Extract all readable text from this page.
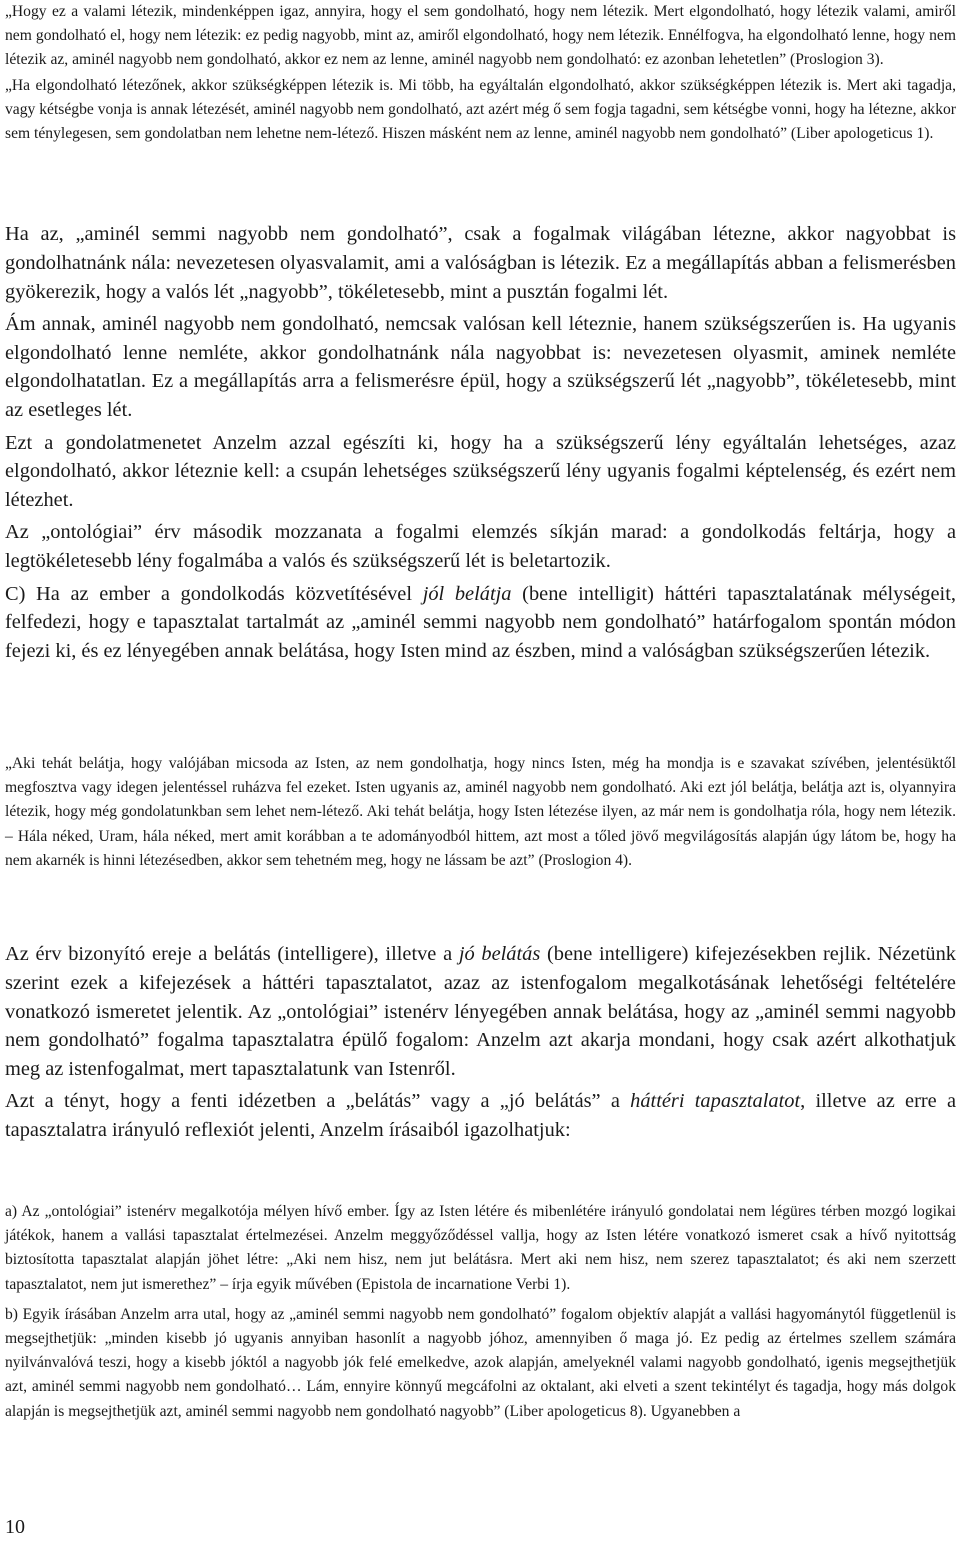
„Hogy ez a valami létezik, mindenképpen igaz, annyira, hogy el sem gondolható, hogy nem létezik. Mert elgondolható, hogy létezik valami, amiről nem gondolható el, hogy nem létezik: ez pedig nagyobb, mint az, amiről elgondolható, hogy nem létezik. Ennélfogva, ha elgondolható lenne, hogy nem létezik az, aminél nagyobb nem gondolható, akkor ez nem az lenne, aminél nagyobb nem gondolható: ez azonban lehetetlen” (Proslogion 3).

„Ha elgondolható létezőnek, akkor szükségképpen létezik is. Mi több, ha egyáltalán elgondolható, akkor szükségképpen létezik is. Mert aki tagadja, vagy kétségbe vonja is annak létezését, aminél nagyobb nem gondolható, azt azért még ő sem fogja tagadni, sem kétségbe vonni, hogy ha létezne, akkor sem ténylegesen, sem gondolatban nem lehetne nem-létező. Hiszen másként nem az lenne, aminél nagyobb nem gondolható” (Liber apologeticus 1).

Ha az, „aminél semmi nagyobb nem gondolható”, csak a fogalmak világában létezne, akkor nagyobbat is gondolhatnánk nála: nevezetesen olyasvalamit, ami a valóságban is létezik. Ez a megállapítás abban a felismerésben gyökerezik, hogy a valós lét „nagyobb”, tökéletesebb, mint a pusztán fogalmi lét.

Ám annak, aminél nagyobb nem gondolható, nemcsak valósan kell léteznie, hanem szükségszerűen is. Ha ugyanis elgondolható lenne nemléte, akkor gondolhatnánk nála nagyobbat is: nevezetesen olyasmit, aminek nemléte elgondolhatatlan. Ez a megállapítás arra a felismerésre épül, hogy a szükségszerű lét „nagyobb”, tökéletesebb, mint az esetleges lét.

Ezt a gondolatmenetet Anzelm azzal egészíti ki, hogy ha a szükségszerű lény egyáltalán lehetséges, azaz elgondolható, akkor léteznie kell: a csupán lehetséges szükségszerű lény ugyanis fogalmi képtelenség, és ezért nem létezhet.

Az „ontológiai” érv második mozzanata a fogalmi elemzés síkján marad: a gondolkodás feltárja, hogy a legtökéletesebb lény fogalmába a valós és szükségszerű lét is beletartozik.

C) Ha az ember a gondolkodás közvetítésével jól belátja (bene intelligit) háttéri tapasztalatának mélységeit, felfedezi, hogy e tapasztalat tartalmát az „aminél semmi nagyobb nem gondolható” határfogalom spontán módon fejezi ki, és ez lényegében annak belátása, hogy Isten mind az észben, mind a valóságban szükségszerűen létezik.

„Aki tehát belátja, hogy valójában micsoda az Isten, az nem gondolhatja, hogy nincs Isten, még ha mondja is e szavakat szívében, jelentésüktől megfosztva vagy idegen jelentéssel ruházva fel ezeket. Isten ugyanis az, aminél nagyobb nem gondolható. Aki ezt jól belátja, belátja azt is, olyannyira létezik, hogy még gondolatunkban sem lehet nem-létező. Aki tehát belátja, hogy Isten létezése ilyen, az már nem is gondolhatja róla, hogy nem létezik. – Hála néked, Uram, hála néked, mert amit korábban a te adományodból hittem, azt most a tőled jövő megvilágosítás alapján úgy látom be, hogy ha nem akarnék is hinni létezésedben, akkor sem tehetném meg, hogy ne lássam be azt” (Proslogion 4).

Az érv bizonyító ereje a belátás (intelligere), illetve a jó belátás (bene intelligere) kifejezésekben rejlik. Nézetünk szerint ezek a kifejezések a háttéri tapasztalatot, azaz az istenfogalom megalkotásának lehetőségi feltételére vonatkozó ismeretet jelentik. Az „ontológiai” istenérv lényegében annak belátása, hogy az „aminél semmi nagyobb nem gondolható” fogalma tapasztalatra épülő fogalom: Anzelm azt akarja mondani, hogy csak azért alkothatjuk meg az istenfogalmat, mert tapasztalatunk van Istenről.

Azt a tényt, hogy a fenti idézetben a „belátás” vagy a „jó belátás” a háttéri tapasztalatot, illetve az erre a tapasztalatra irányuló reflexiót jelenti, Anzelm írásaiból igazolhatjuk:

a) Az „ontológiai” istenérv megalkotója mélyen hívő ember. Így az Isten létére és mibenlétére irányuló gondolatai nem légüres térben mozgó logikai játékok, hanem a vallási tapasztalat értelmezései. Anzelm meggyőződéssel vallja, hogy az Isten létére vonatkozó ismeret csak a hívő nyitottság biztosította tapasztalat alapján jöhet létre: „Aki nem hisz, nem jut belátásra. Mert aki nem hisz, nem szerez tapasztalatot; és aki nem szerzett tapasztalatot, nem jut ismerethez” – írja egyik művében (Epistola de incarnatione Verbi 1).

b) Egyik írásában Anzelm arra utal, hogy az „aminél semmi nagyobb nem gondolható” fogalom objektív alapját a vallási hagyománytól függetlenül is megsejthetjük: „minden kisebb jó ugyanis annyiban hasonlít a nagyobb jóhoz, amennyiben ő maga jó. Ez pedig az értelmes szellem számára nyilvánvalóvá teszi, hogy a kisebb jóktól a nagyobb jók felé emelkedve, azok alapján, amelyeknél valami nagyobb gondolható, igenis megsejthetjük azt, aminél semmi nagyobb nem gondolható… Lám, ennyire könnyű megcáfolni az oktalant, aki elveti a szent tekintélyt és tagadja, hogy más dolgok alapján is megsejthetjük azt, aminél semmi nagyobb nem gondolható nagyobb” (Liber apologeticus 8). Ugyanebben a

10
